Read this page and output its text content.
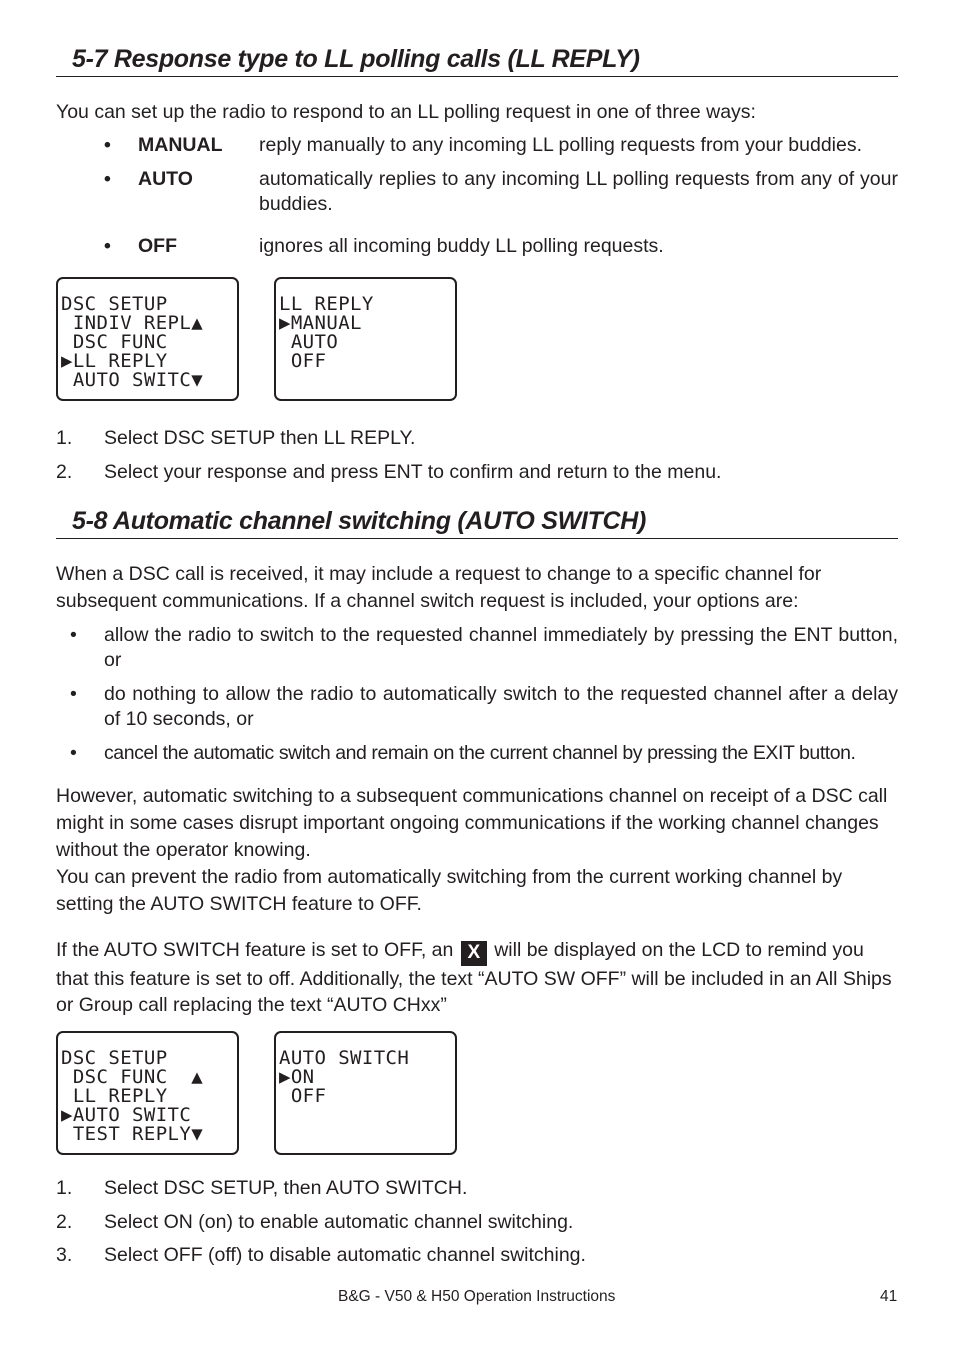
5-7 Response type to LL polling calls (LL REPLY)
You can set up the radio to respond to an LL polling request in one of three ways:
• MANUAL reply manually to any incoming LL polling requests from your buddies.
• AUTO	automatically replies to any incoming LL polling requests from any of your buddies.
• OFF	ignores all incoming buddy LL polling requests.
DSC SETUP
INDIV REPL▲
DSC FUNC
▶LL REPLY
AUTO SWITC▼
LL REPLY
▶MANUAL
AUTO
OFF
1. Select DSC SETUP then LL REPLY.
2. Select your response and press ENT to confirm and return to the menu.
5-8 Automatic channel switching (AUTO SWITCH)
When a DSC call is received, it may include a request to change to a specific channel for subsequent communications. If a channel switch request is included, your options are:
• allow the radio to switch to the requested channel immediately by pressing the ENT button, or
• do nothing to allow the radio to automatically switch to the requested channel after a delay of 10 seconds, or
• cancel the automatic switch and remain on the current channel by pressing the EXIT button.
However, automatic switching to a subsequent communications channel on receipt of a DSC call might in some cases disrupt important ongoing communications if the working channel changes without the operator knowing.
You can prevent the radio from automatically switching from the current working channel by setting the AUTO SWITCH feature to OFF.
If the AUTO SWITCH feature is set to OFF, an X will be displayed on the LCD to remind you that this feature is set to off. Additionally, the text “AUTO SW OFF” will be included in an All Ships or Group call replacing the text “AUTO CHxx”
DSC SETUP
DSC FUNC  ▲
LL REPLY
▶AUTO SWITC
TEST REPLY▼
AUTO SWITCH
▶ON
OFF
1. Select DSC SETUP, then AUTO SWITCH.
2. Select ON (on) to enable automatic channel switching.
3. Select OFF (off) to disable automatic channel switching.
B&G - V50 & H50 Operation Instructions	41
